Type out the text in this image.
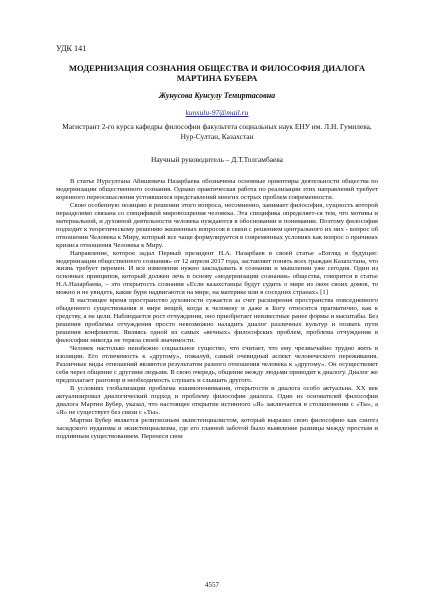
УДК 141
МОДЕРНИЗАЦИЯ СОЗНАНИЯ ОБЩЕСТВА И ФИЛОСОФИЯ ДИАЛОГА МАРТИНА БУБЕРА
Жунусова Кунсулу Темиртасовна
kunsulu-97@mail.ru
Магистрант 2-го курса кафедры философии факультета социальных наук ЕНУ им. Л.Н. Гумилева, Нур-Султан, Казахстан
Научный руководитель – Д.Т.Толгамбаева

В статье Нурсултана Абишевича Назарбаева обозначены основные ориентиры деятельности общества по модернизации общественного сознания. Однако практическая работа по реализации этих направлений требует коренного переосмысления устоявшихся представлений многих острых проблем современности.

Свою особенную позицию в решении этого вопроса, несомненно, занимает философия, сущность которой неразделимо связана со спецификой мировоззрения человека. Эта специфика определяет-ся тем, что мотивы и материальной, и духовной деятельности человека нуждаются в обосновании и понимании. Поэтому философия подходит к теоретическому решению жизненных вопросов в связи с решением центрального их них - вопрос об отношении Человека к Миру, который все чаще формулируется в современных условиях как вопрос о причинах кризиса отношения Человека к Миру.

Направление, которое задал Первый президент Н.А. Назарбаев в своей статье «Взгляд в будущее: модернизация общественного сознания» от 12 апреля 2017 года, заставляет понять всех граждан Казахстана, что жизнь требует перемен. И все изменения нужно закладывать в сознании и мышлении уже сегодня. Один из основных принципов, который должен лечь в основу «модернизации сознания» общества, говорится в статье Н.А.Назарбаева, – это открытость сознания «Если казахстанцы будут судить о мире из окон своих домов, то можно и не увидеть, какие бури надвигаются на мире, на материке или в соседних странах» [1]

В настоящее время пространство духовности сужается за счет расширения пространства повседневного обыденного существования в мире вещей, когда к человеку и даже к Богу относятся прагматично, как к средству, а не цели. Наблюдается рост отчуждения, оно приобретает неизвестные ранее формы и масштабы. Без решения проблемы отчуждения просто невозможно наладить диалог различных культур и позвать пути решения конфликтов. Являясь одной из самых «вечных» философских проблем, проблема отчуждения в философии никогда не теряла своей значимости.

Человек настолько неизбежно социальное существо, что считает, что ему чрезвычайно трудно жить в изоляции. Его отличимость к «другому», пожалуй, самый очевидный аспект человеческого переживания. Различные виды отношений являются результатом разного отношения человека к «другому». Он осуществляет себя через общение с другими людьми. В свою очередь, общение между людьми приводит к диалогу. Диалог же предполагает разговор и необходимость слушать и слышать другого.

В условиях глобализации проблема взаимопонимания, открытости и диалога особо актуальна. XX век актуализировал диалогический подход и проблему философии диалога. Один из основателей философии диалога Мартин Бубер, указал, что настоящее открытие истинного «Я» заключается в столкновении с «Ты», а «Я» не существует без связи с «Ты».

Мартин Бубер является религиозным экзистенциалистом, который выразил свою философию как синтез хасидского иудаизма и экзистенциализма, где его главной заботой было выявление разницы между простым и подлинным существованием. Перенеся свои

4557
